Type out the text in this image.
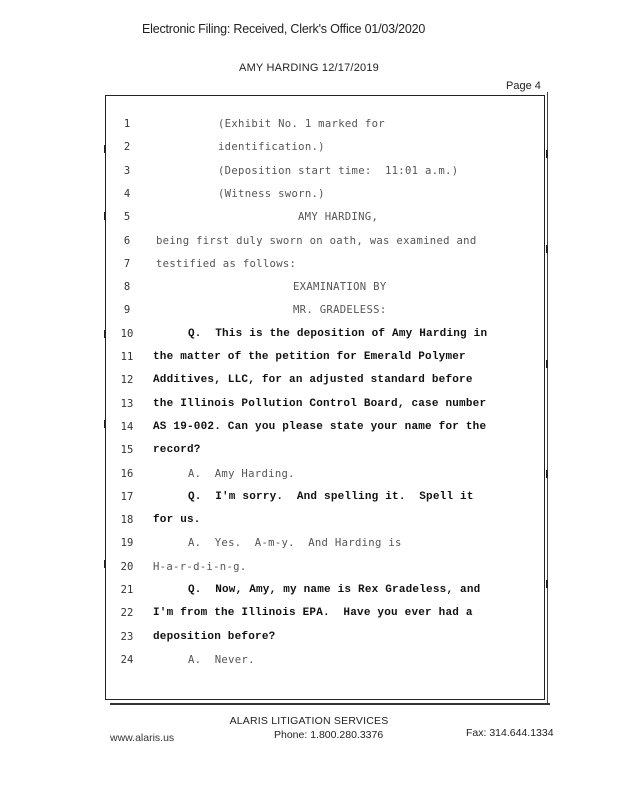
Electronic Filing: Received, Clerk's Office 01/03/2020
AMY HARDING 12/17/2019
Page 4
1	(Exhibit No. 1 marked for
2	identification.)
3	(Deposition start time:  11:01 a.m.)
4	(Witness sworn.)
5	AMY HARDING,
6	being first duly sworn on oath, was examined and
7	testified as follows:
8	EXAMINATION BY
9	MR. GRADELESS:
10	Q.  This is the deposition of Amy Harding in
11	the matter of the petition for Emerald Polymer
12	Additives, LLC, for an adjusted standard before
13	the Illinois Pollution Control Board, case number
14	AS 19-002. Can you please state your name for the
15	record?
16	A.  Amy Harding.
17	Q.  I'm sorry.  And spelling it.  Spell it
18	for us.
19	A.  Yes.  A-m-y.  And Harding is
20	H-a-r-d-i-n-g.
21	Q.  Now, Amy, my name is Rex Gradeless, and
22	I'm from the Illinois EPA.  Have you ever had a
23	deposition before?
24	A.  Never.
ALARIS LITIGATION SERVICES
www.alaris.us	Phone: 1.800.280.3376	Fax: 314.644.1334
